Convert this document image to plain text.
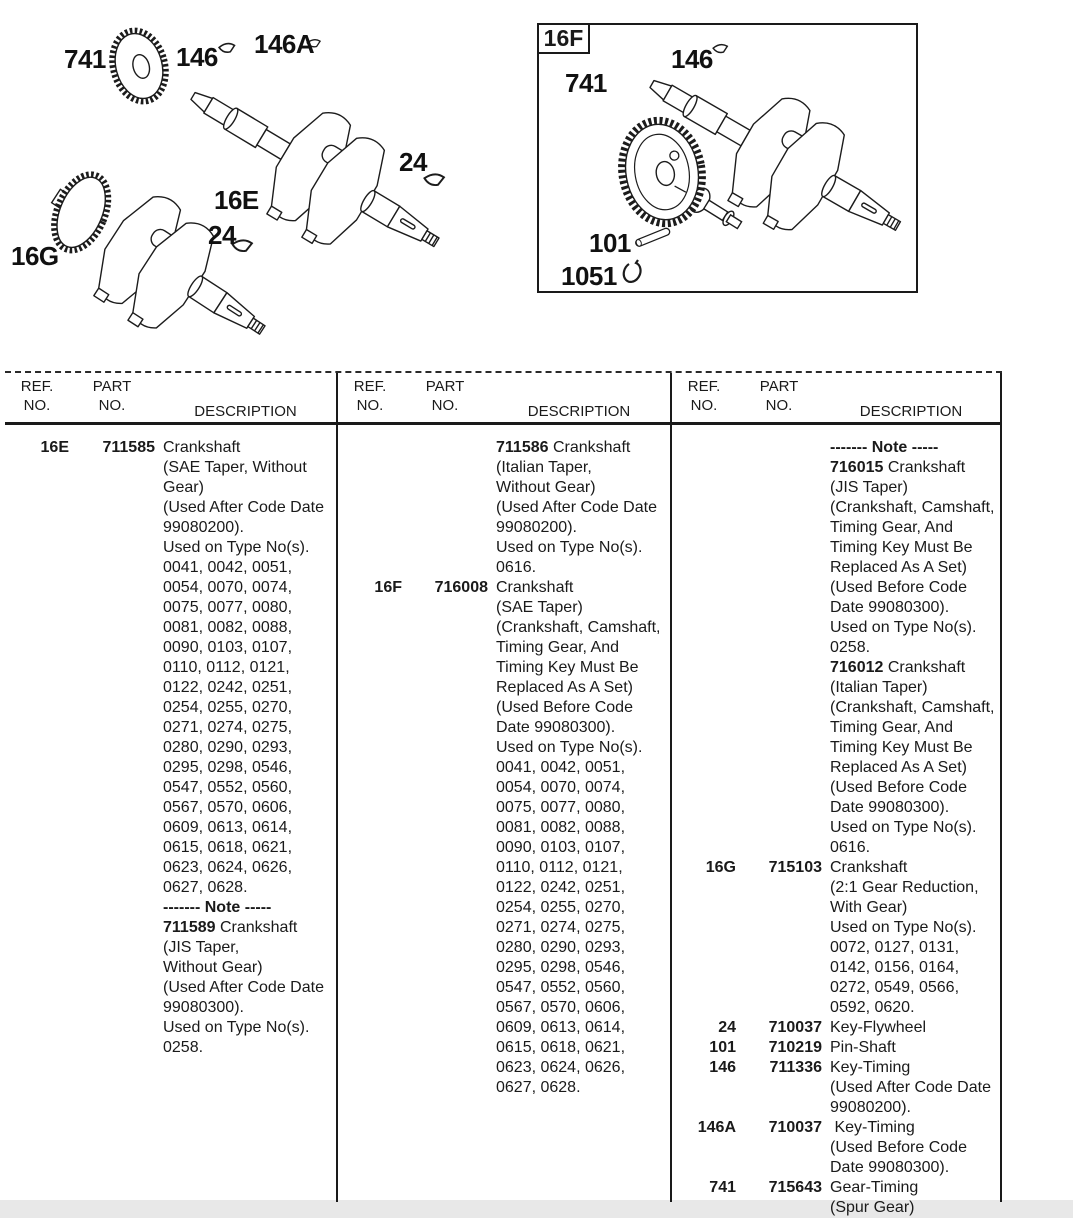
16F
741	146 146A
24
16E
24
16G
741
146
101
1051
REF.
NO.
PART
NO.	DESCRIPTION
16E	711585 Crankshaft
(SAE Taper, Without
Gear)
(Used After Code Date
99080200).
Used on Type No(s).
0041, 0042, 0051,
0054, 0070, 0074,
0075, 0077, 0080,
0081, 0082, 0088,
0090, 0103, 0107,
0110, 0112, 0121,
0122, 0242, 0251,
0254, 0255, 0270,
0271, 0274, 0275,
0280, 0290, 0293,
0295, 0298, 0546,
0547, 0552, 0560,
0567, 0570, 0606,
0609, 0613, 0614,
0615, 0618, 0621,
0623, 0624, 0626,
0627, 0628.
------- Note -----
711589 Crankshaft
(JIS Taper,
Without Gear)
(Used After Code Date
99080300).
Used on Type No(s).
0258.
REF.
NO.
PART
NO.	DESCRIPTION
711586 Crankshaft
(Italian Taper,
Without Gear)
(Used After Code Date
99080200).
Used on Type No(s).
0616.
16F	716008 Crankshaft
(SAE Taper)
(Crankshaft, Camshaft,
Timing Gear, And
Timing Key Must Be
Replaced As A Set)
(Used Before Code
Date 99080300).
Used on Type No(s).
0041, 0042, 0051,
0054, 0070, 0074,
0075, 0077, 0080,
0081, 0082, 0088,
0090, 0103, 0107,
0110, 0112, 0121,
0122, 0242, 0251,
0254, 0255, 0270,
0271, 0274, 0275,
0280, 0290, 0293,
0295, 0298, 0546,
0547, 0552, 0560,
0567, 0570, 0606,
0609, 0613, 0614,
0615, 0618, 0621,
0623, 0624, 0626,
0627, 0628.
REF.
NO.
PART
NO.	DESCRIPTION
------- Note -----
716015 Crankshaft
(JIS Taper)
(Crankshaft, Camshaft,
Timing Gear, And
Timing Key Must Be
Replaced As A Set)
(Used Before Code
Date 99080300).
Used on Type No(s).
0258.
716012 Crankshaft
(Italian Taper)
(Crankshaft, Camshaft,
Timing Gear, And
Timing Key Must Be
Replaced As A Set)
(Used Before Code
Date 99080300).
Used on Type No(s).
0616.
16G	715103 Crankshaft
(2:1 Gear Reduction,
With Gear)
Used on Type No(s).
0072, 0127, 0131,
0142, 0156, 0164,
0272, 0549, 0566,
0592, 0620.
24	710037 Key-Flywheel
101	710219 Pin-Shaft
146	711336 Key-Timing
(Used After Code Date
99080200).
146A	710037 Key-Timing
(Used Before Code
Date 99080300).
741	715643 Gear-Timing
(Spur Gear)
